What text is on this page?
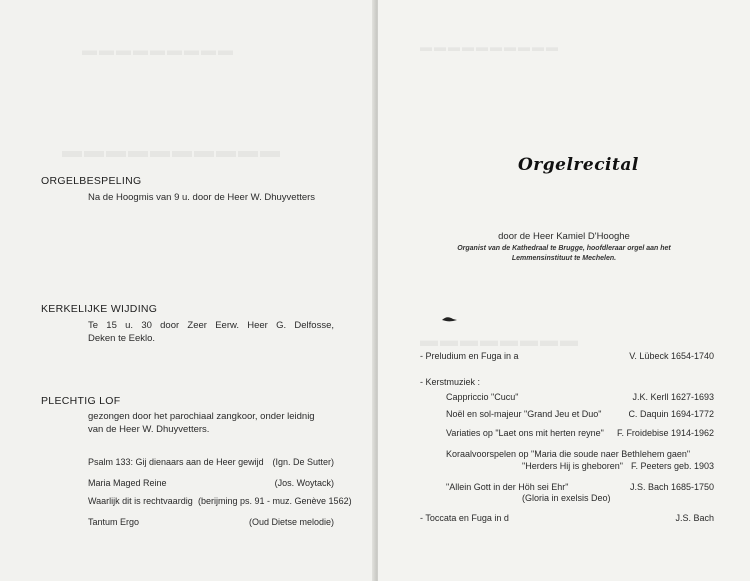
▬▬▬▬▬▬▬▬▬
▬▬▬▬▬▬▬▬▬▬
ORGELBESPELING
Na de Hoogmis van 9 u. door de Heer W. Dhuyvetters
KERKELIJKE WIJDING
Te 15 u. 30 door Zeer Eerw. Heer G. Delfosse,
Deken te Eeklo.
PLECHTIG LOF
gezongen door het parochiaal zangkoor, onder leidnig
van de Heer W. Dhuyvetters.
Psalm 133: Gij dienaars aan de Heer gewijd (Ign. De Sutter)
Maria Maged Reine	(Jos. Woytack)
Waarlijk dit is rechtvaardig (berijming ps. 91 - muz. Genève 1562)
Tantum Ergo	(Oud Dietse melodie)
▬▬▬▬▬▬▬▬▬▬
▬▬▬▬▬▬▬▬
Orgelrecital
door de Heer Kamiel D'Hooghe
Organist van de Kathedraal te Brugge, hoofdleraar orgel aan het
Lemmensinstituut te Mechelen.
- Preludium en Fuga in a	V. Lübeck 1654-1740
- Kerstmuziek :
Cappriccio "Cucu"	J.K. Kerll 1627-1693
Noël en sol-majeur "Grand Jeu et Duo"	C. Daquin 1694-1772
Variaties op "Laet ons mit herten reyne" F. Froidebise 1914-1962
Koraalvoorspelen op "Maria die soude naer Bethlehem gaen"
"Herders Hij is gheboren" F. Peeters geb. 1903
"Allein Gott in der Höh sei Ehr"	J.S. Bach 1685-1750
(Gloria in exelsis Deo)
- Toccata en Fuga in d	J.S. Bach
